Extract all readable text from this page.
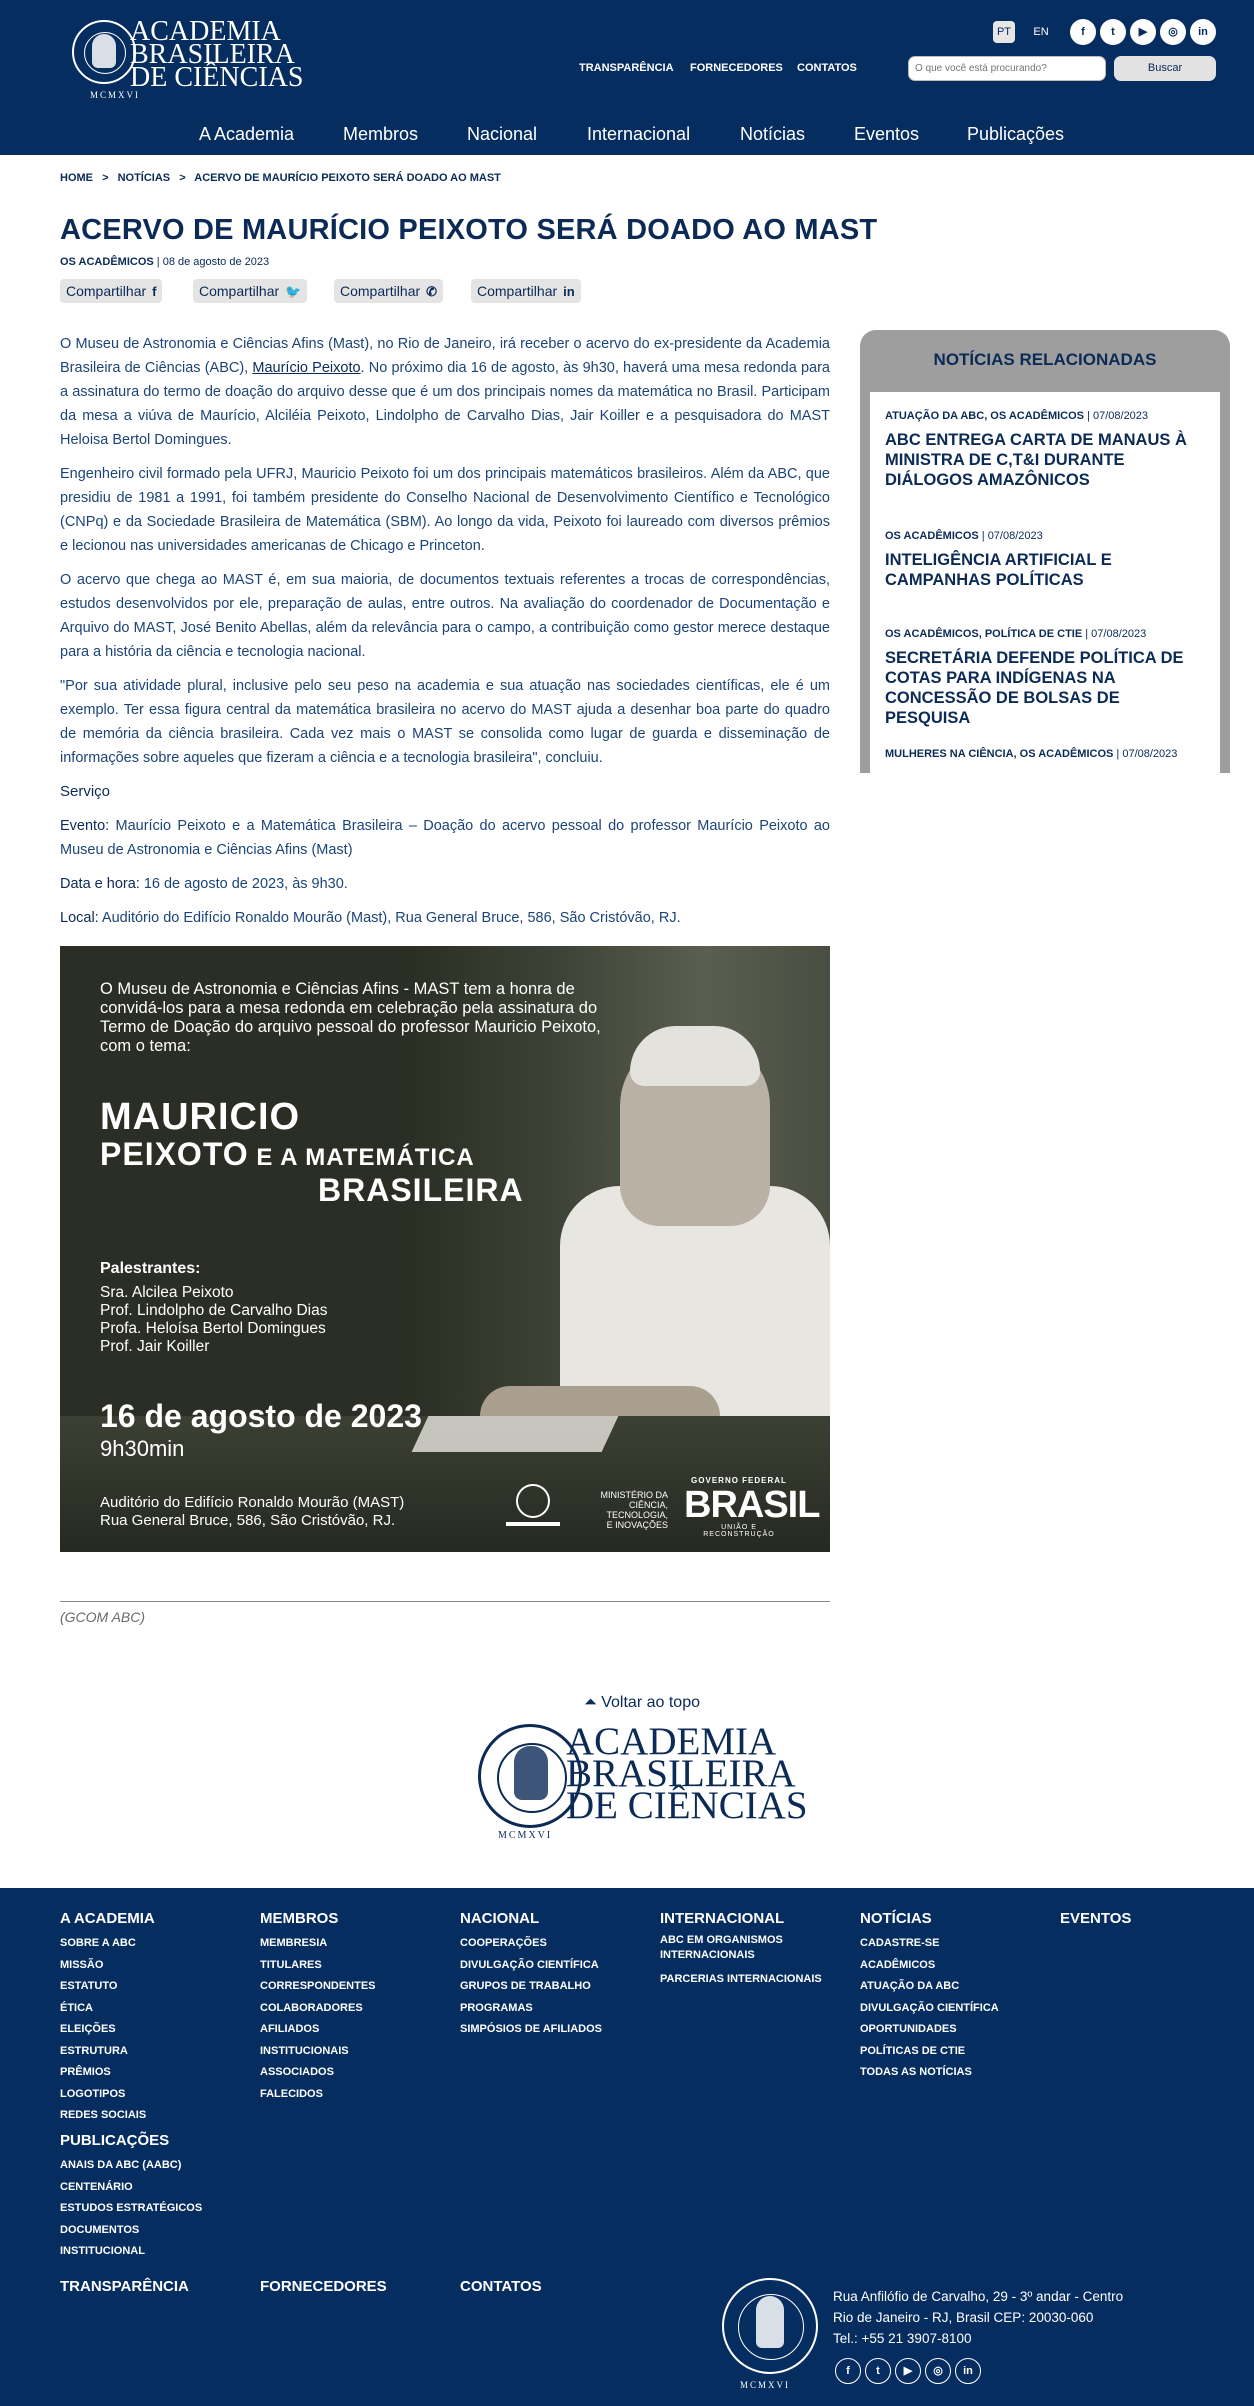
ACADEMIA
BRASILEIRA
DE CIÊNCIAS
MCMXVI
PT	EN	f	t	▶	◎	in
TRANSPARÊNCIA FORNECEDORES CONTATOS
O que você está procurando?	Buscar
A Academia	Membros	Nacional	Internacional	Notícias	Eventos	Publicações
HOME > NOTÍCIAS > ACERVO DE MAURÍCIO PEIXOTO SERÁ DOADO AO MAST
ACERVO DE MAURÍCIO PEIXOTO SERÁ DOADO AO MAST
OS ACADÊMICOS | 08 de agosto de 2023
Compartilhar f	Compartilhar 🐦	Compartilhar ✆	Compartilhar in

O Museu de Astronomia e Ciências Afins (Mast), no Rio de Janeiro, irá receber o acervo do ex-presidente da Academia Brasileira de Ciências (ABC), Maurício Peixoto. No próximo dia 16 de agosto, às 9h30, haverá uma mesa redonda para a assinatura do termo de doação do arquivo desse que é um dos principais nomes da matemática no Brasil. Participam da mesa a viúva de Maurício, Alciléia Peixoto, Lindolpho de Carvalho Dias, Jair Koiller e a pesquisadora do MAST Heloisa Bertol Domingues.

Engenheiro civil formado pela UFRJ, Mauricio Peixoto foi um dos principais matemáticos brasileiros. Além da ABC, que presidiu de 1981 a 1991, foi também presidente do Conselho Nacional de Desenvolvimento Científico e Tecnológico (CNPq) e da Sociedade Brasileira de Matemática (SBM). Ao longo da vida, Peixoto foi laureado com diversos prêmios e lecionou nas universidades americanas de Chicago e Princeton.

O acervo que chega ao MAST é, em sua maioria, de documentos textuais referentes a trocas de correspondências, estudos desenvolvidos por ele, preparação de aulas, entre outros. Na avaliação do coordenador de Documentação e Arquivo do MAST, José Benito Abellas, além da relevância para o campo, a contribuição como gestor merece destaque para a história da ciência e tecnologia nacional.

"Por sua atividade plural, inclusive pelo seu peso na academia e sua atuação nas sociedades científicas, ele é um exemplo. Ter essa figura central da matemática brasileira no acervo do MAST ajuda a desenhar boa parte do quadro de memória da ciência brasileira. Cada vez mais o MAST se consolida como lugar de guarda e disseminação de informações sobre aqueles que fizeram a ciência e a tecnologia brasileira", concluiu.

Serviço

Evento: Maurício Peixoto e a Matemática Brasileira – Doação do acervo pessoal do professor Maurício Peixoto ao Museu de Astronomia e Ciências Afins (Mast)

Data e hora: 16 de agosto de 2023, às 9h30.

Local: Auditório do Edifício Ronaldo Mourão (Mast), Rua General Bruce, 586, São Cristóvão, RJ.

O Museu de Astronomia e Ciências Afins - MAST tem a honra de convidá-los para a mesa redonda em celebração pela assinatura do Termo de Doação do arquivo pessoal do professor Mauricio Peixoto, com o tema:
MAURICIO
PEIXOTO E A MATEMÁTICA
BRASILEIRA
Palestrantes:
Sra. Alcilea Peixoto
Prof. Lindolpho de Carvalho Dias
Profa. Heloísa Bertol Domingues
Prof. Jair Koiller
16 de agosto de 2023
9h30min
Auditório do Edifício Ronaldo Mourão (MAST)
Rua General Bruce, 586, São Cristóvão, RJ.
MINISTÉRIO DA
CIÊNCIA, TECNOLOGIA,
E INOVAÇÕES
GOVERNO FEDERAL
BRASIL
UNIÃO E RECONSTRUÇÃO
(GCOM ABC)
NOTÍCIAS RELACIONADAS
ATUAÇÃO DA ABC, OS ACADÊMICOS | 07/08/2023
ABC ENTREGA CARTA DE MANAUS À MINISTRA DE C,T&I DURANTE DIÁLOGOS AMAZÔNICOS
OS ACADÊMICOS | 07/08/2023
INTELIGÊNCIA ARTIFICIAL E CAMPANHAS POLÍTICAS
OS ACADÊMICOS, POLÍTICA DE CTIE | 07/08/2023
SECRETÁRIA DEFENDE POLÍTICA DE COTAS PARA INDÍGENAS NA CONCESSÃO DE BOLSAS DE PESQUISA
MULHERES NA CIÊNCIA, OS ACADÊMICOS | 07/08/2023
⏶ Voltar ao topo
ACADEMIA
BRASILEIRA
DE CIÊNCIAS
MCMXVI
A ACADEMIA
SOBRE A ABC
MISSÃO
ESTATUTO
ÉTICA
ELEIÇÕES
ESTRUTURA
PRÊMIOS
LOGOTIPOS
REDES SOCIAIS
PUBLICAÇÕES
ANAIS DA ABC (AABC)
CENTENÁRIO
ESTUDOS ESTRATÉGICOS
DOCUMENTOS
INSTITUCIONAL
MEMBROS
MEMBRESIA
TITULARES
CORRESPONDENTES
COLABORADORES
AFILIADOS
INSTITUCIONAIS
ASSOCIADOS
FALECIDOS
NACIONAL
COOPERAÇÕES
DIVULGAÇÃO CIENTÍFICA
GRUPOS DE TRABALHO
PROGRAMAS
SIMPÓSIOS DE AFILIADOS
INTERNACIONAL
ABC EM ORGANISMOS INTERNACIONAIS
PARCERIAS INTERNACIONAIS
NOTÍCIAS
CADASTRE-SE
ACADÊMICOS
ATUAÇÃO DA ABC
DIVULGAÇÃO CIENTÍFICA
OPORTUNIDADES
POLÍTICAS DE CTIE
TODAS AS NOTÍCIAS
EVENTOS
TRANSPARÊNCIA	FORNECEDORES	CONTATOS
MCMXVI
Rua Anfilófio de Carvalho, 29 - 3º andar - Centro
Rio de Janeiro - RJ, Brasil CEP: 20030-060
Tel.: +55 21 3907-8100
f	t	▶	◎	in
